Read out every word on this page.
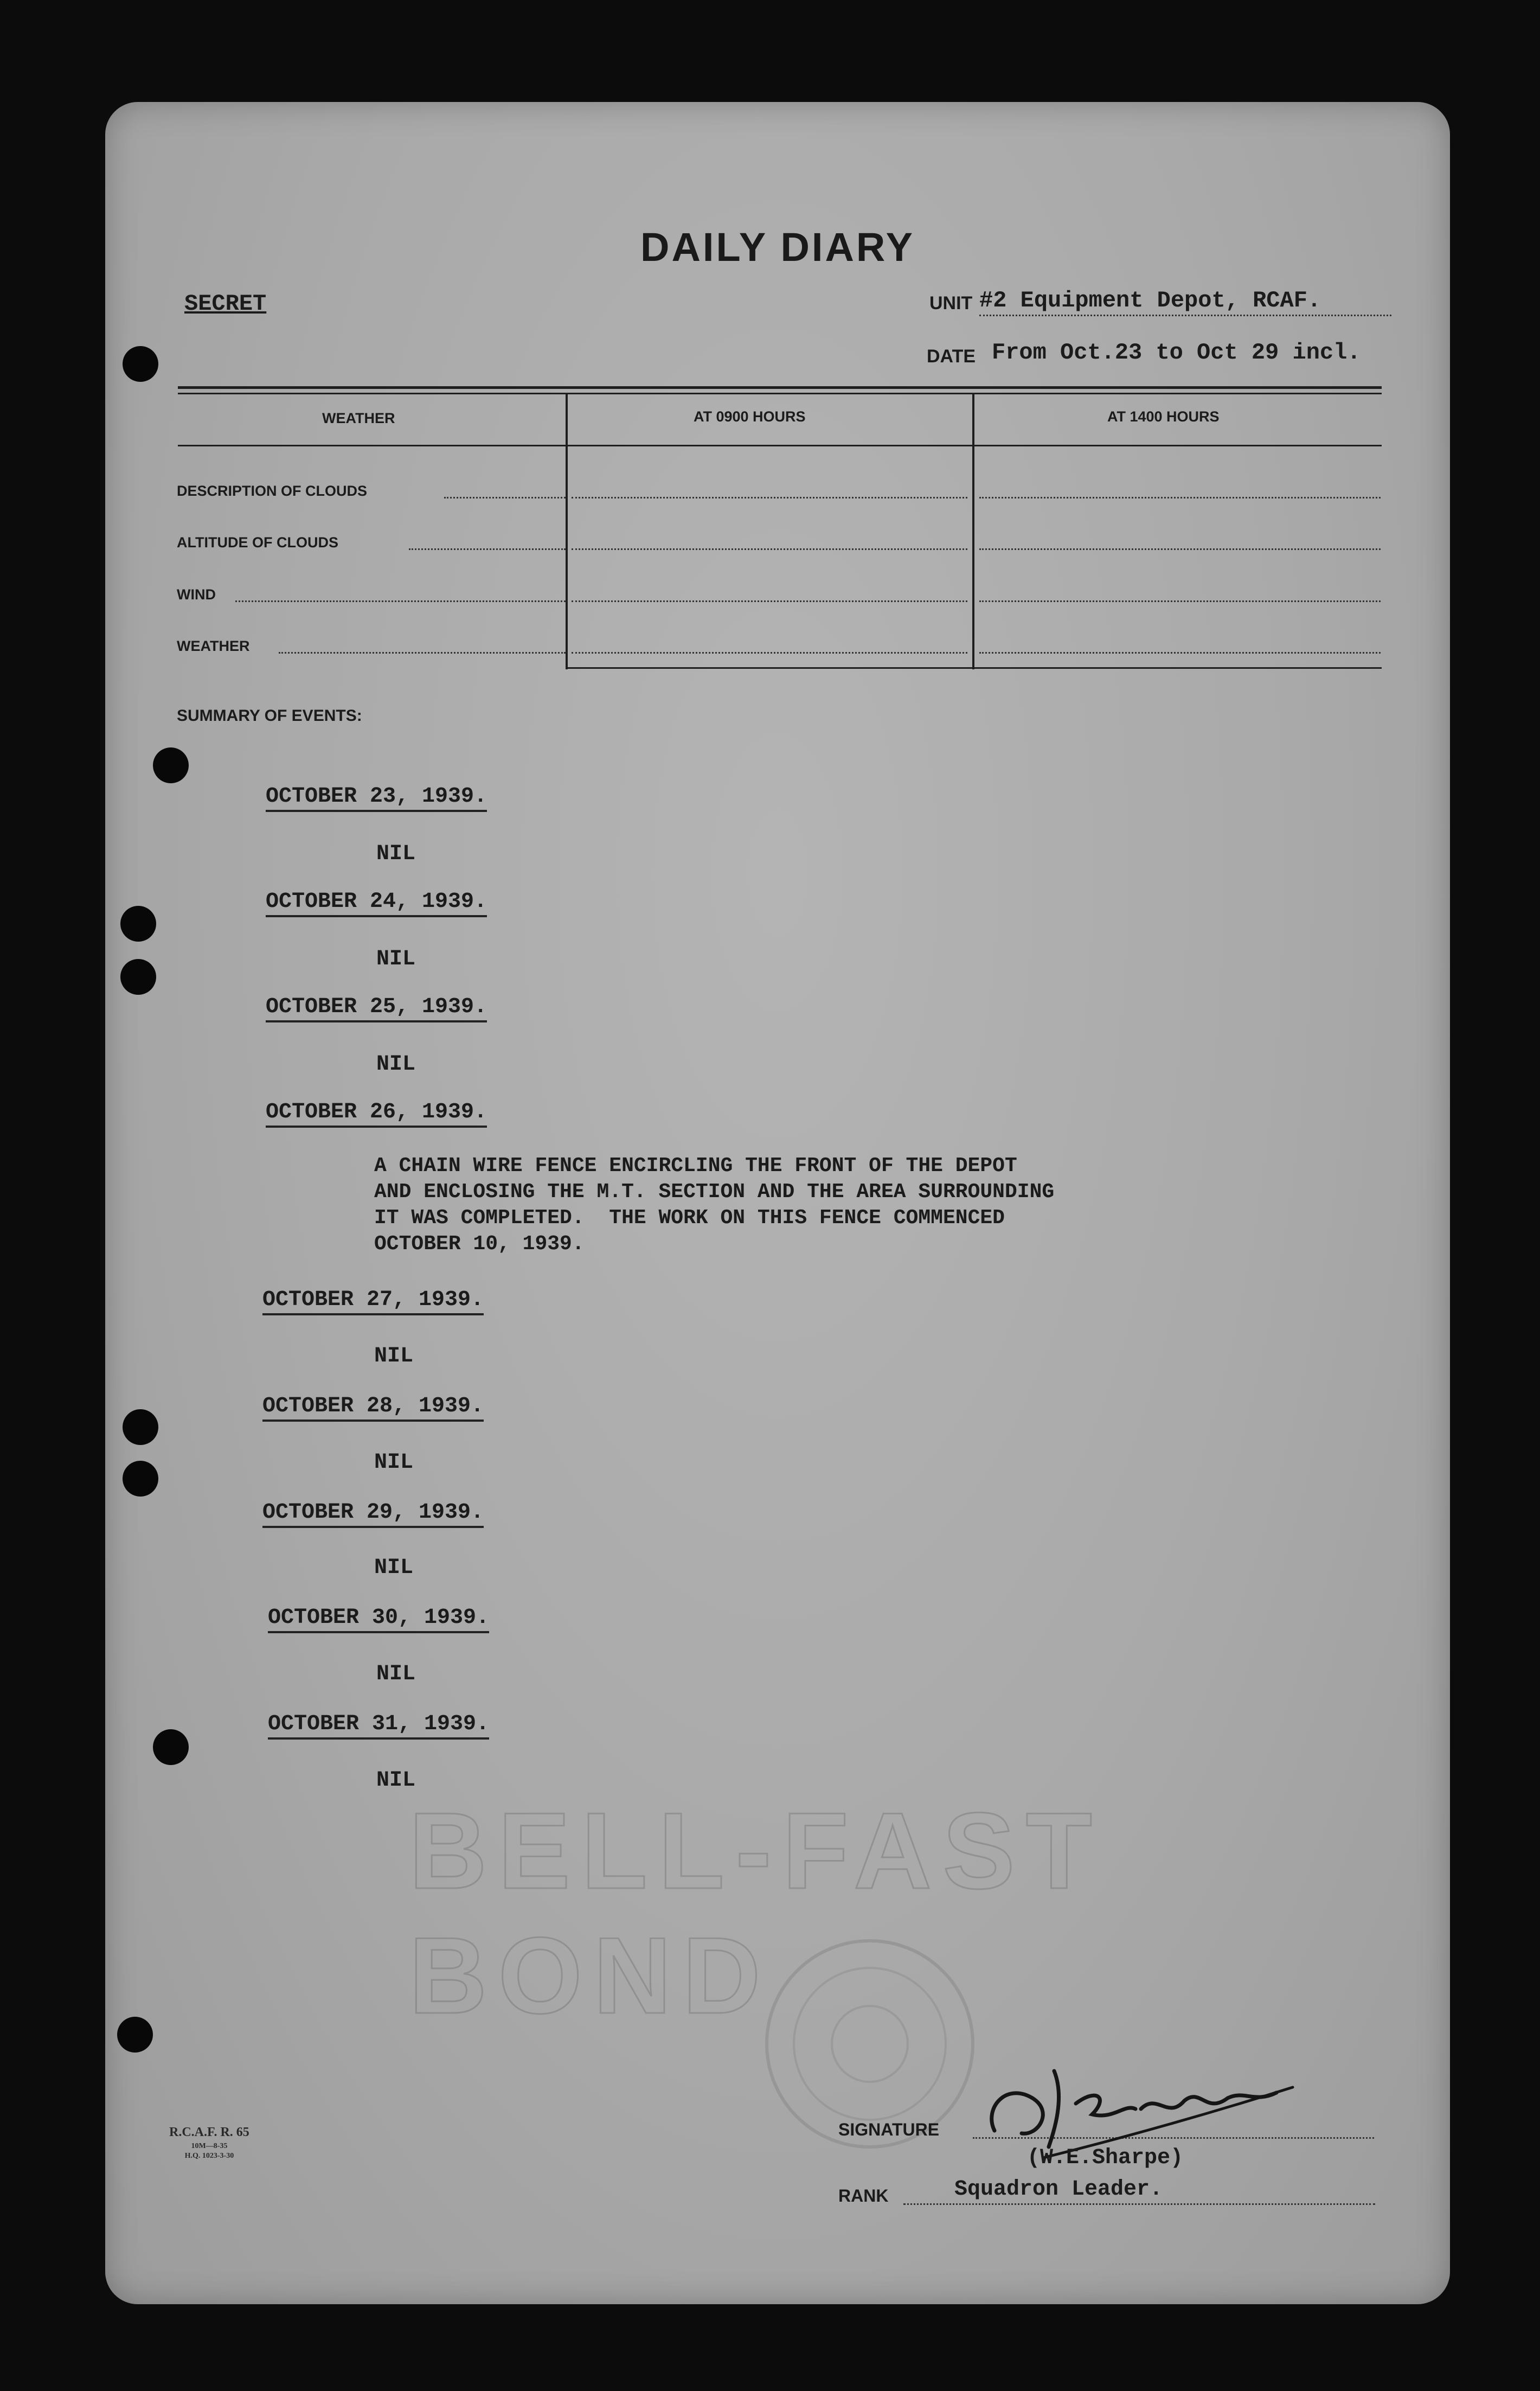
BELL-FAST BOND
DAILY DIARY
SECRET	UNIT #2 Equipment Depot, RCAF.
DATE From Oct.23 to Oct 29 incl.
WEATHER	AT 0900 HOURS	AT 1400 HOURS
DESCRIPTION OF CLOUDS
ALTITUDE OF CLOUDS
WIND
WEATHER
SUMMARY OF EVENTS:
OCTOBER 23, 1939.
NIL
OCTOBER 24, 1939.
NIL
OCTOBER 25, 1939.
NIL
OCTOBER 26, 1939.
A CHAIN WIRE FENCE ENCIRCLING THE FRONT OF THE DEPOT
AND ENCLOSING THE M.T. SECTION AND THE AREA SURROUNDING
IT WAS COMPLETED.  THE WORK ON THIS FENCE COMMENCED
OCTOBER 10, 1939.
OCTOBER 27, 1939.
NIL
OCTOBER 28, 1939.
NIL
OCTOBER 29, 1939.
NIL
OCTOBER 30, 1939.
NIL
OCTOBER 31, 1939.
NIL
R.C.A.F. R. 65
10M—8-35
H.Q. 1023-3-30
SIGNATURE
(W.E.Sharpe)
RANK	Squadron Leader.
